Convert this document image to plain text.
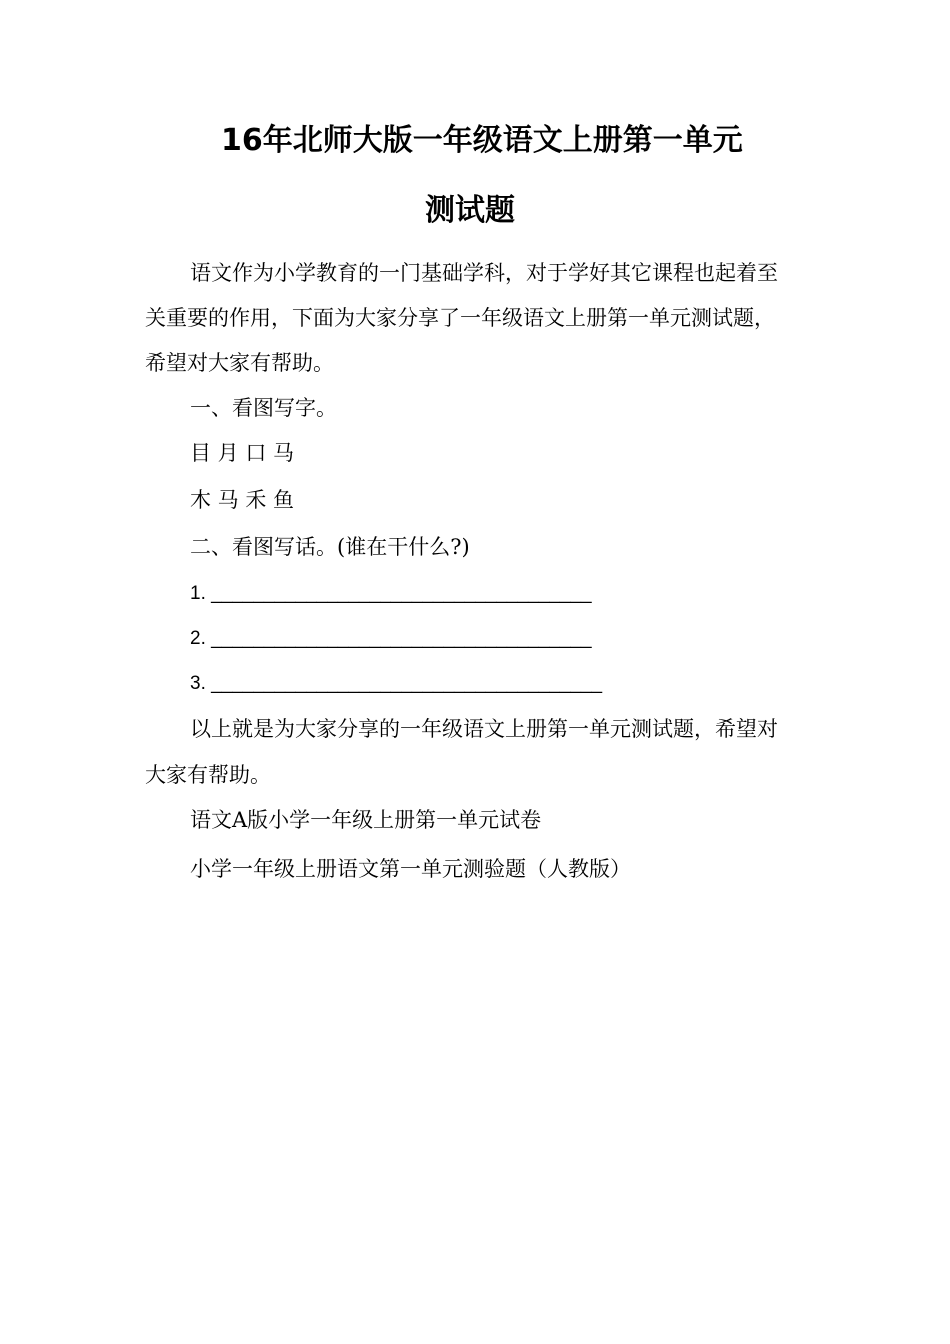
16年北师大版一年级语文上册第一单元
测试题
语文作为小学教育的一门基础学科，对于学好其它课程也起着至
关重要的作用，下面为大家分享了一年级语文上册第一单元测试题，
希望对大家有帮助。
一、看图写字。
目 月 口 马
木 马 禾 鱼
二、看图写话。(谁在干什么?)
1. ____________________________________
2. ____________________________________
3. _____________________________________
以上就是为大家分享的一年级语文上册第一单元测试题，希望对
大家有帮助。
语文A版小学一年级上册第一单元试卷
小学一年级上册语文第一单元测验题（人教版）
